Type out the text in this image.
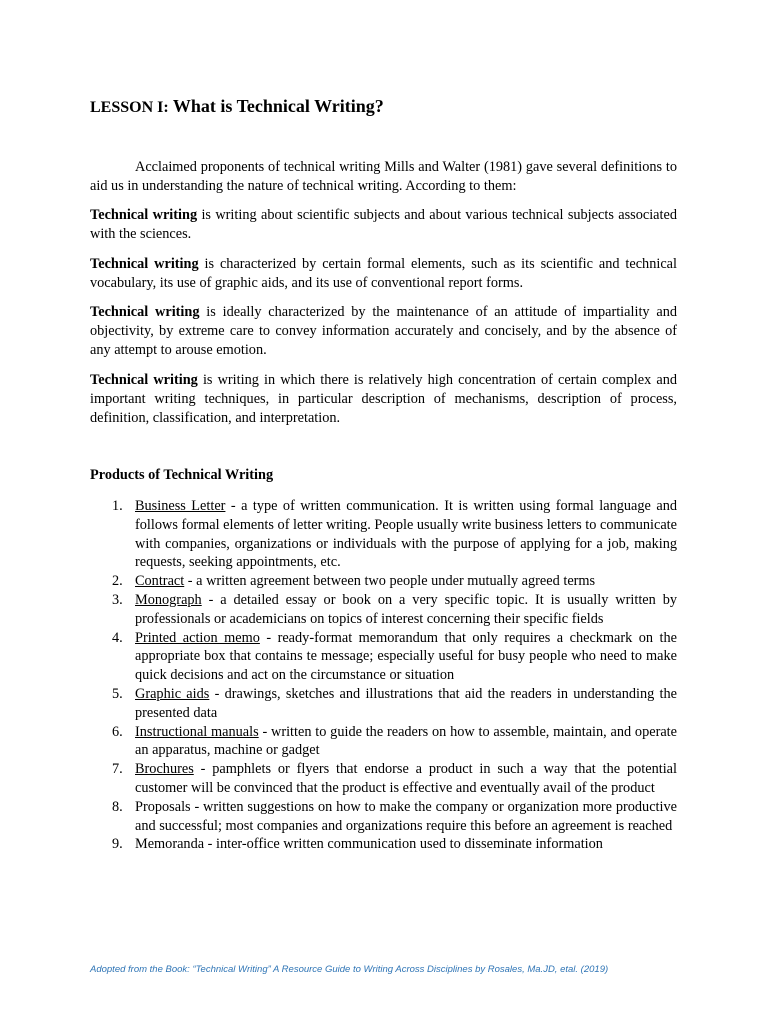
LESSON I: What is Technical Writing?

Acclaimed proponents of technical writing Mills and Walter (1981) gave several definitions to aid us in understanding the nature of technical writing. According to them:

Technical writing is writing about scientific subjects and about various technical subjects associated with the sciences.

Technical writing is characterized by certain formal elements, such as its scientific and technical vocabulary, its use of graphic aids, and its use of conventional report forms.

Technical writing is ideally characterized by the maintenance of an attitude of impartiality and objectivity, by extreme care to convey information accurately and concisely, and by the absence of any attempt to arouse emotion.

Technical writing is writing in which there is relatively high concentration of certain complex and important writing techniques, in particular description of mechanisms, description of process, definition, classification, and interpretation.

Products of Technical Writing
1. Business Letter - a type of written communication. It is written using formal language and follows formal elements of letter writing. People usually write business letters to communicate with companies, organizations or individuals with the purpose of applying for a job, making requests, seeking appointments, etc.
2. Contract - a written agreement between two people under mutually agreed terms
3. Monograph - a detailed essay or book on a very specific topic. It is usually written by professionals or academicians on topics of interest concerning their specific fields
4. Printed action memo - ready-format memorandum that only requires a checkmark on the appropriate box that contains te message; especially useful for busy people who need to make quick decisions and act on the circumstance or situation
5. Graphic aids - drawings, sketches and illustrations that aid the readers in understanding the presented data
6. Instructional manuals - written to guide the readers on how to assemble, maintain, and operate an apparatus, machine or gadget
7. Brochures - pamphlets or flyers that endorse a product in such a way that the potential customer will be convinced that the product is effective and eventually avail of the product
8. Proposals - written suggestions on how to make the company or organization more productive and successful; most companies and organizations require this before an agreement is reached
9. Memoranda - inter-office written communication used to disseminate information
Adopted from the Book: “Technical Writing” A Resource Guide to Writing Across Disciplines by Rosales, Ma.JD, etal. (2019)
